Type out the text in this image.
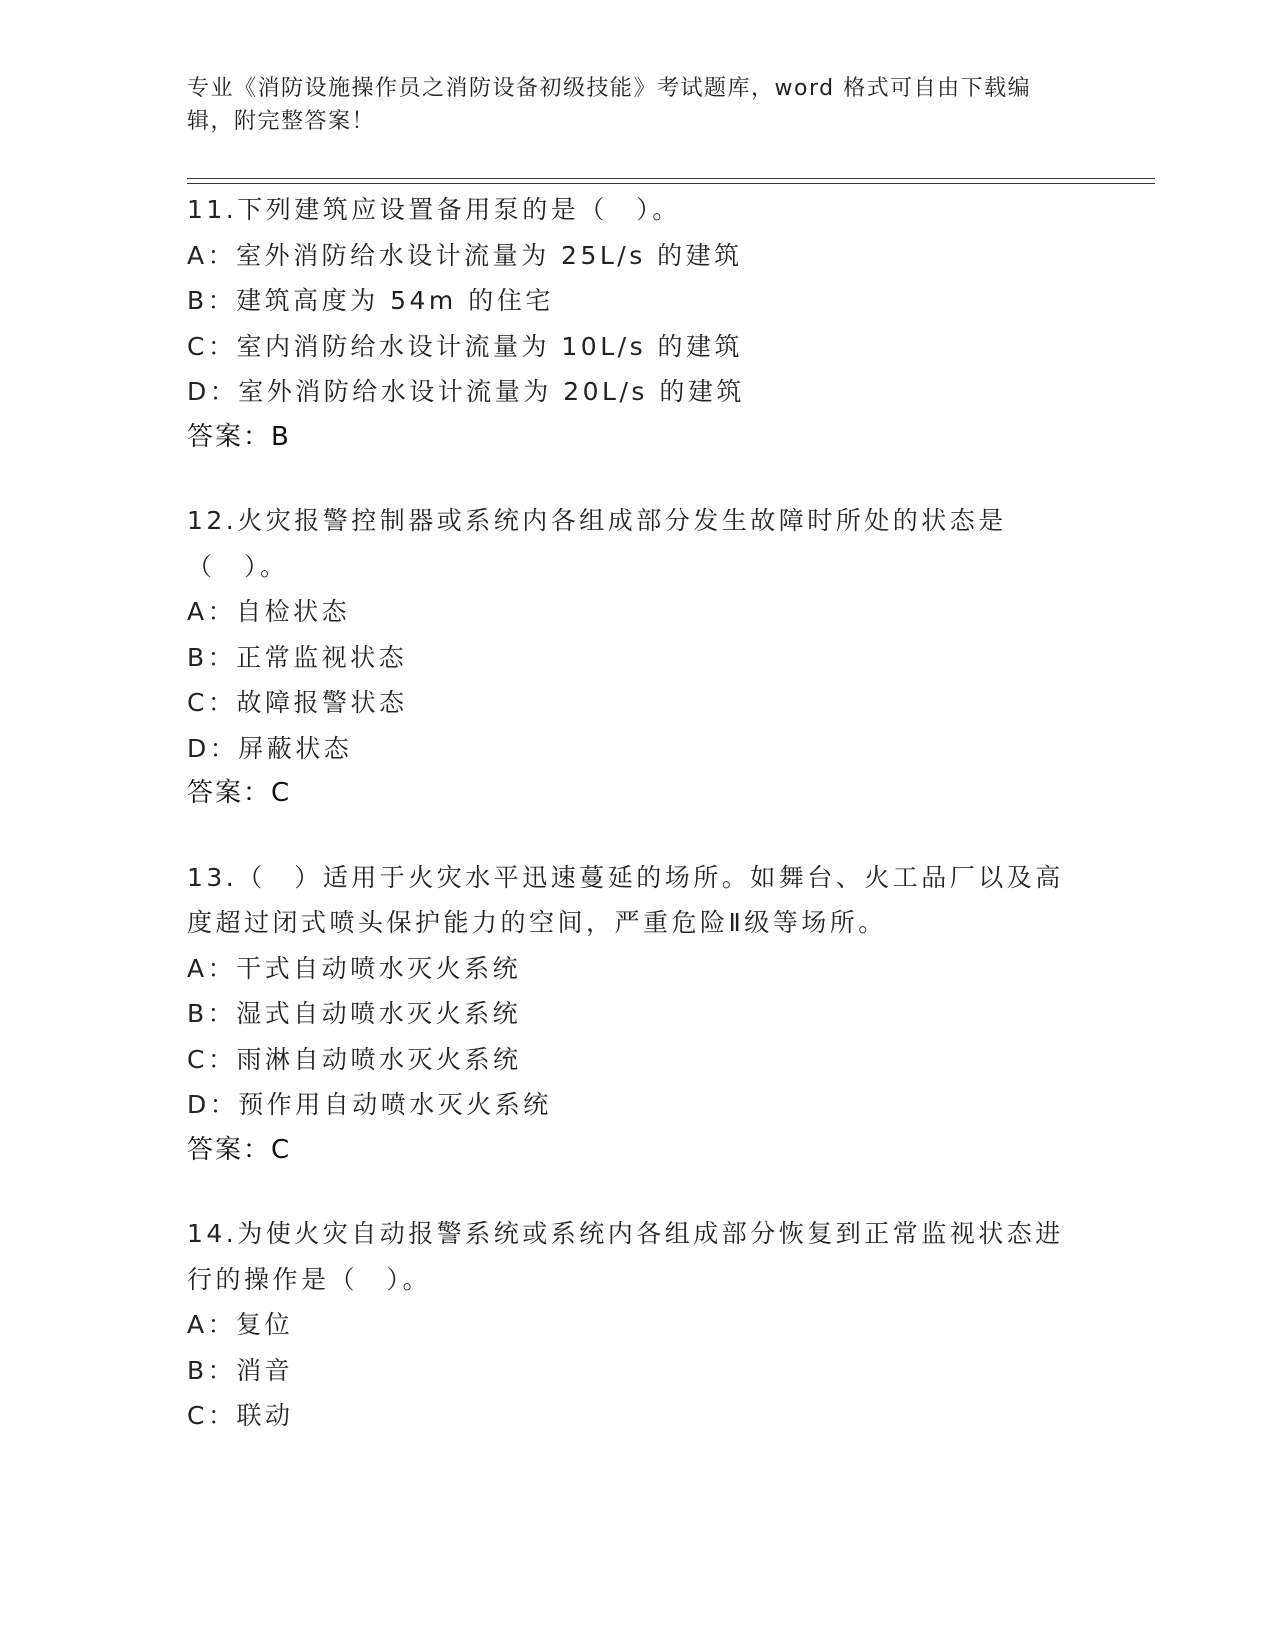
专业《消防设施操作员之消防设备初级技能》考试题库，word 格式可自由下载编辑，附完整答案！
11.下列建筑应设置备用泵的是（　）。
A：室外消防给水设计流量为 25L/s 的建筑
B：建筑高度为 54m 的住宅
C：室内消防给水设计流量为 10L/s 的建筑
D：室外消防给水设计流量为 20L/s 的建筑
答案：B
12.火灾报警控制器或系统内各组成部分发生故障时所处的状态是（　）。
A：自检状态
B：正常监视状态
C：故障报警状态
D：屏蔽状态
答案：C
13.（　）适用于火灾水平迅速蔓延的场所。如舞台、火工品厂以及高度超过闭式喷头保护能力的空间，严重危险Ⅱ级等场所。
A：干式自动喷水灭火系统
B：湿式自动喷水灭火系统
C：雨淋自动喷水灭火系统
D：预作用自动喷水灭火系统
答案：C
14.为使火灾自动报警系统或系统内各组成部分恢复到正常监视状态进行的操作是（　）。
A：复位
B：消音
C：联动
